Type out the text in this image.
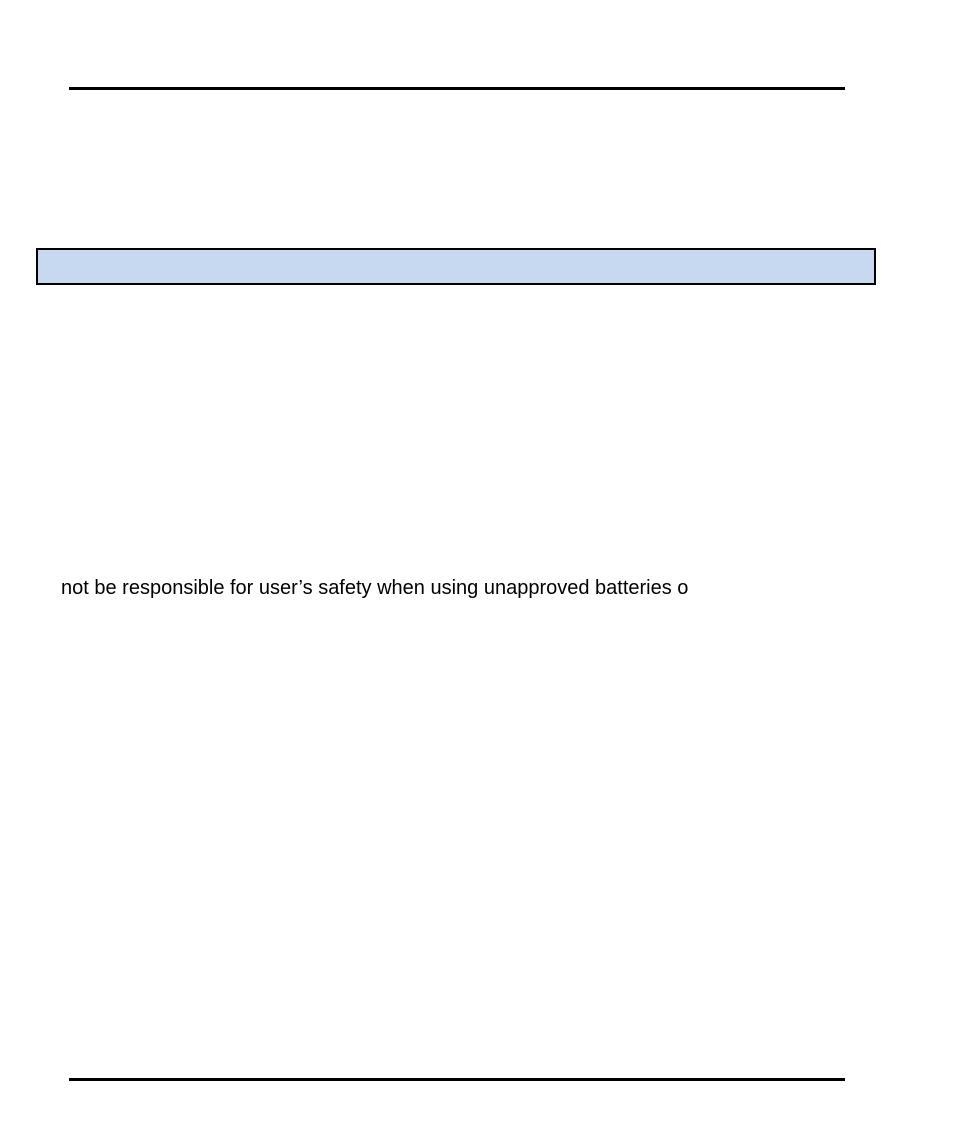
not be responsible for user’s safety when using unapproved batteries o
